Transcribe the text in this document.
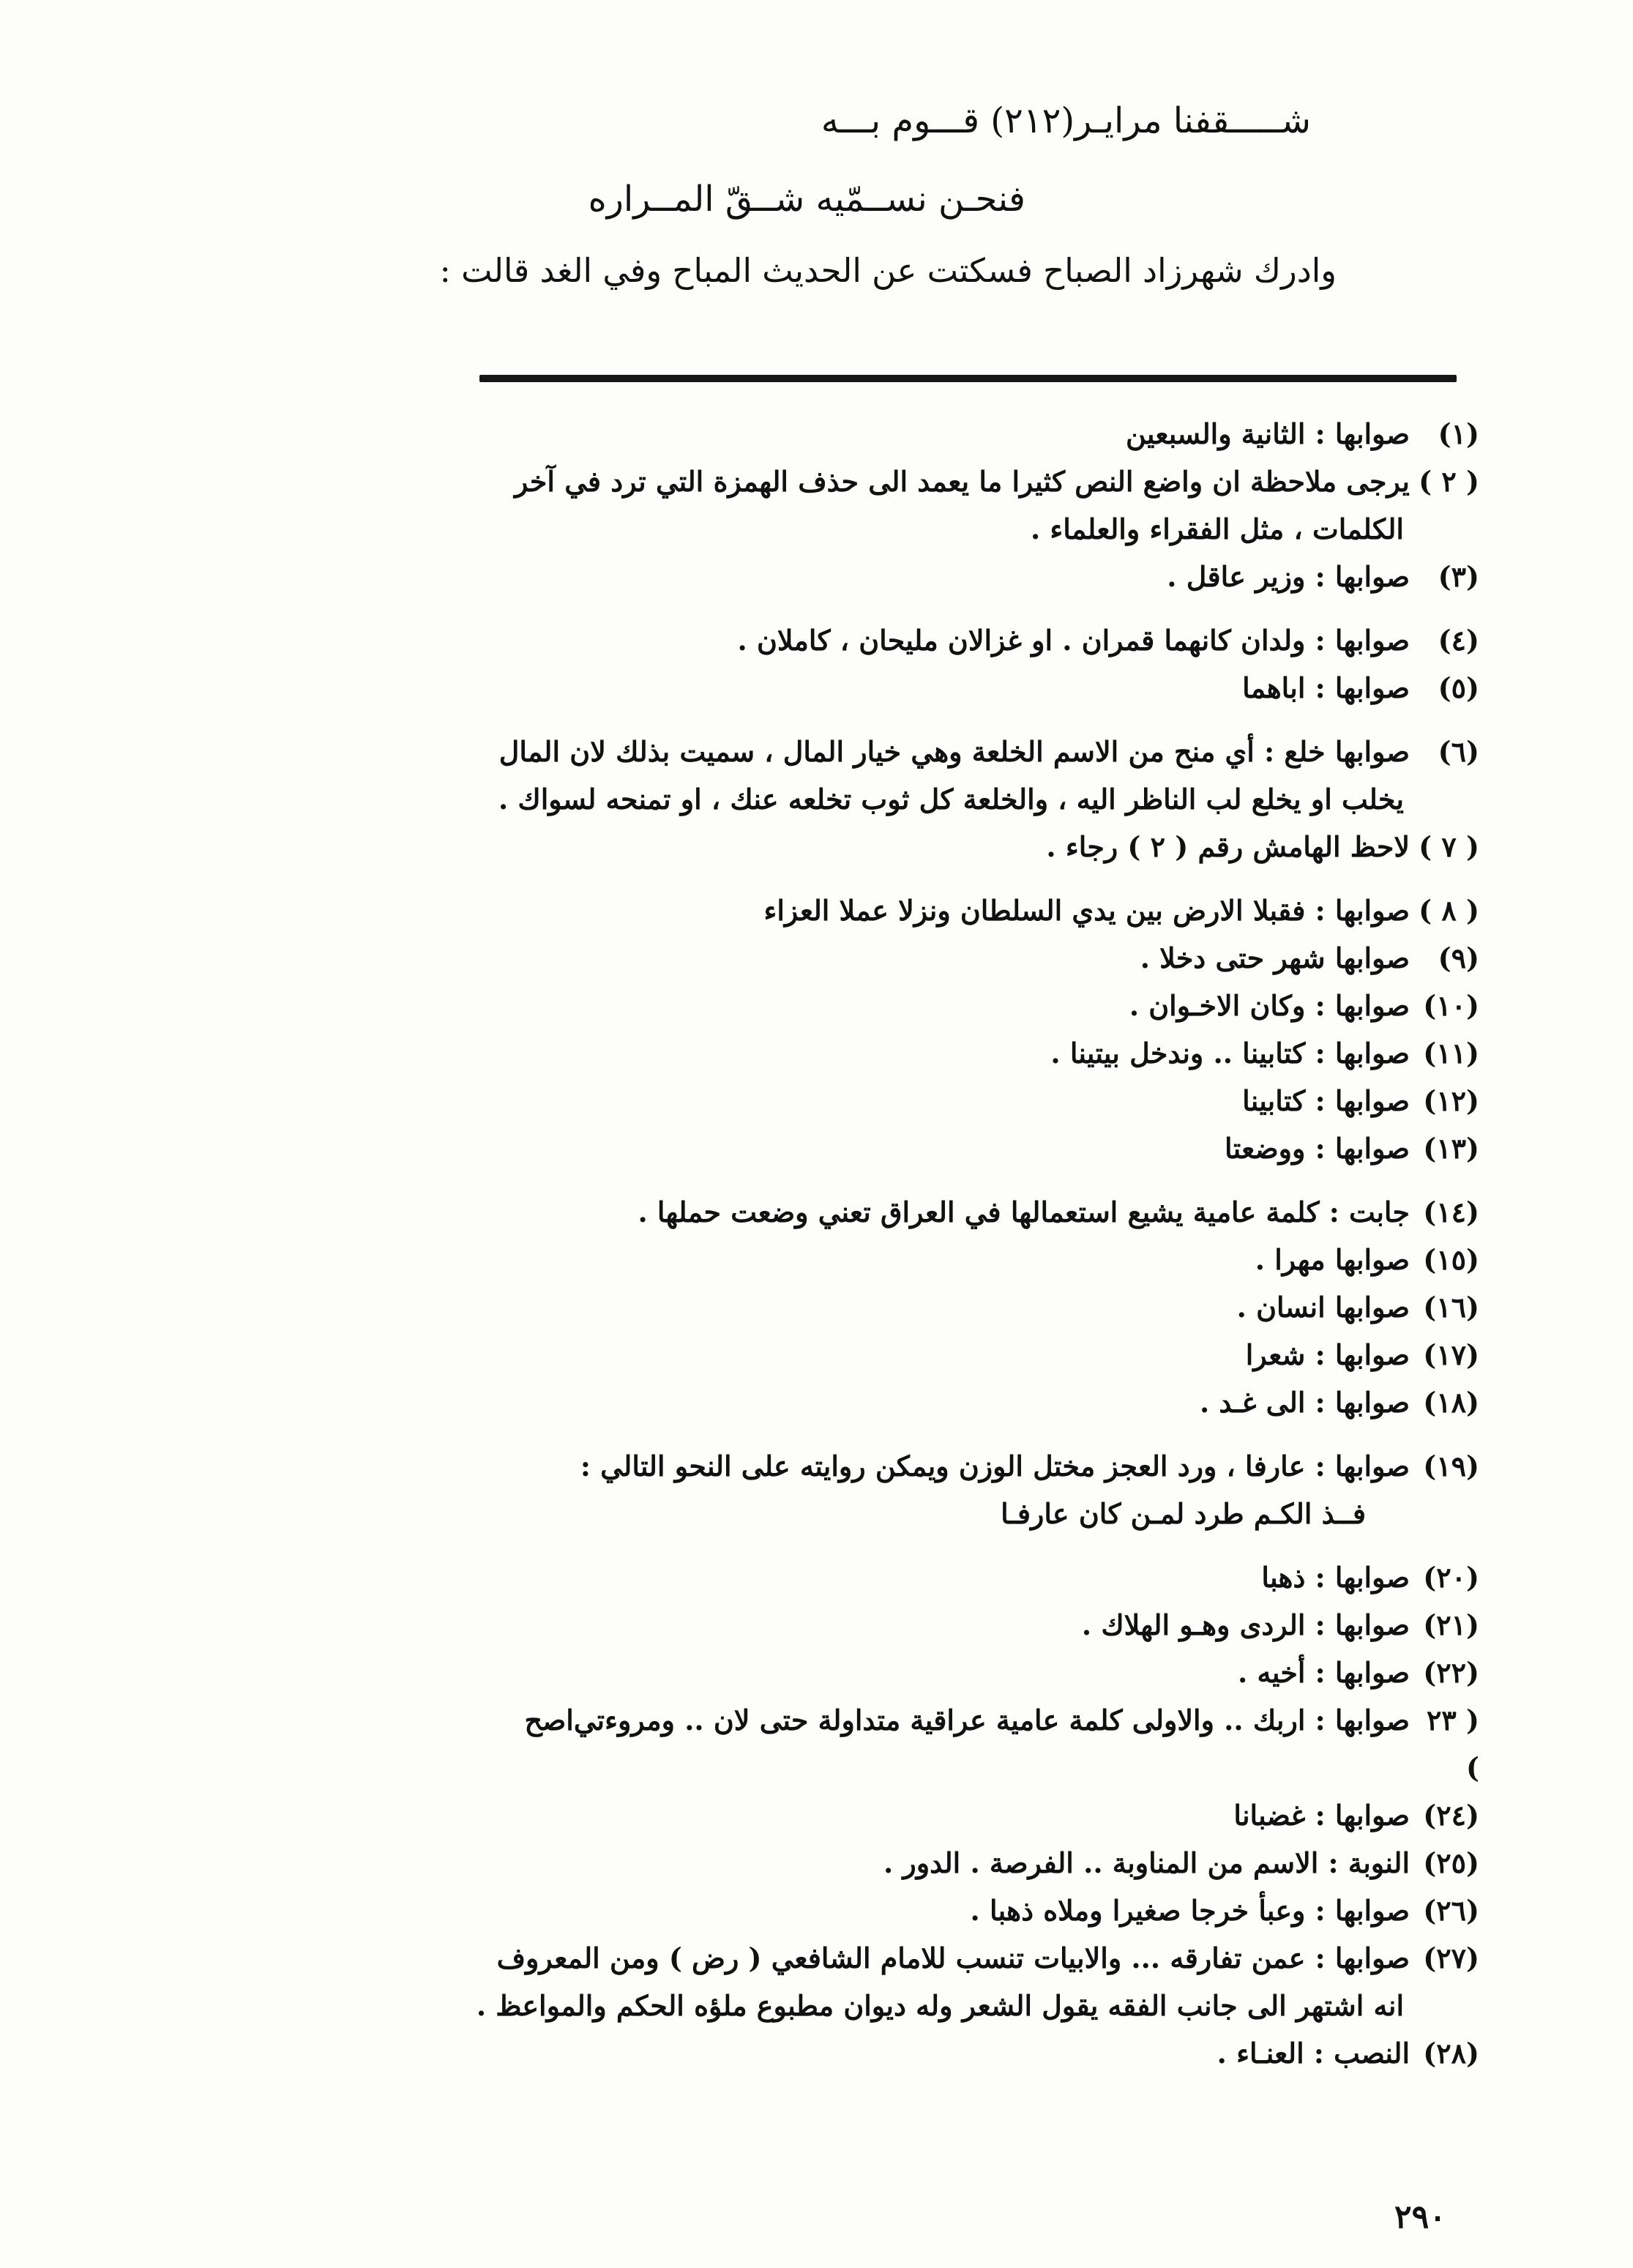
شـــــقفنا مرايـر(٢١٢) قـــوم بـــه
فنحـن نســمّيه شــقّ المــراره
وادرك شهرزاد الصباح فسكتت عن الحديث المباح وفي الغد قالت :
(١)
صوابها : الثانية والسبعين
( ٢ )
يرجى ملاحظة ان واضع النص كثيرا ما يعمد الى حذف الهمزة التي ترد في آخر
الكلمات ، مثل الفقراء والعلماء .
(٣)
صوابها : وزير عاقل .
(٤)
صوابها : ولدان كانهما قمران . او غزالان مليحان ، كاملان .
(٥)
صوابها : اباهما
(٦)
صوابها خلع : أي منح من الاسم الخلعة وهي خيار المال ، سميت بذلك لان المال
يخلب او يخلع لب الناظر اليه ، والخلعة كل ثوب تخلعه عنك ، او تمنحه لسواك .
( ٧ )
لاحظ الهامش رقم ( ٢ ) رجاء .
( ٨ )
صوابها : فقبلا الارض بين يدي السلطان ونزلا عملا العزاء
(٩)
صوابها شهر حتى دخلا .
(١٠)
صوابها : وكان الاخـوان .
(١١)
صوابها : كتابينا .. وندخل بيتينا .
(١٢)
صوابها : كتابينا
(١٣)
صوابها : ووضعتا
(١٤)
جابت : كلمة عامية يشيع استعمالها في العراق تعني وضعت حملها .
(١٥)
صوابها مهرا .
(١٦)
صوابها انسان .
(١٧)
صوابها : شعرا
(١٨)
صوابها : الى غـد .
(١٩)
صوابها : عارفا ، ورد العجز مختل الوزن ويمكن روايته على النحو التالي :
فــذ الكـم طرد لمـن كان عارفـا
(٢٠)
صوابها : ذهبا
(٢١)
صوابها : الردى وهـو الهلاك .
(٢٢)
صوابها : أخيه .
( ٢٣ )
صوابها : اربك .. والاولى كلمة عامية عراقية متداولة حتى لان .. ومروءتي‌اصح
(٢٤)
صوابها : غضبانا
(٢٥)
النوبة : الاسم من المناوبة .. الفرصة . الدور .
(٢٦)
صوابها : وعبأ خرجا صغيرا وملاه ذهبا .
(٢٧)
صوابها : عمن تفارقه ... والابيات تنسب للامام الشافعي ( رض ) ومن المعروف
انه اشتهر الى جانب الفقه يقول الشعر وله ديوان مطبوع ملؤه الحكم والمواعظ .
(٢٨)
النصب : العنـاء .
٢٩٠
